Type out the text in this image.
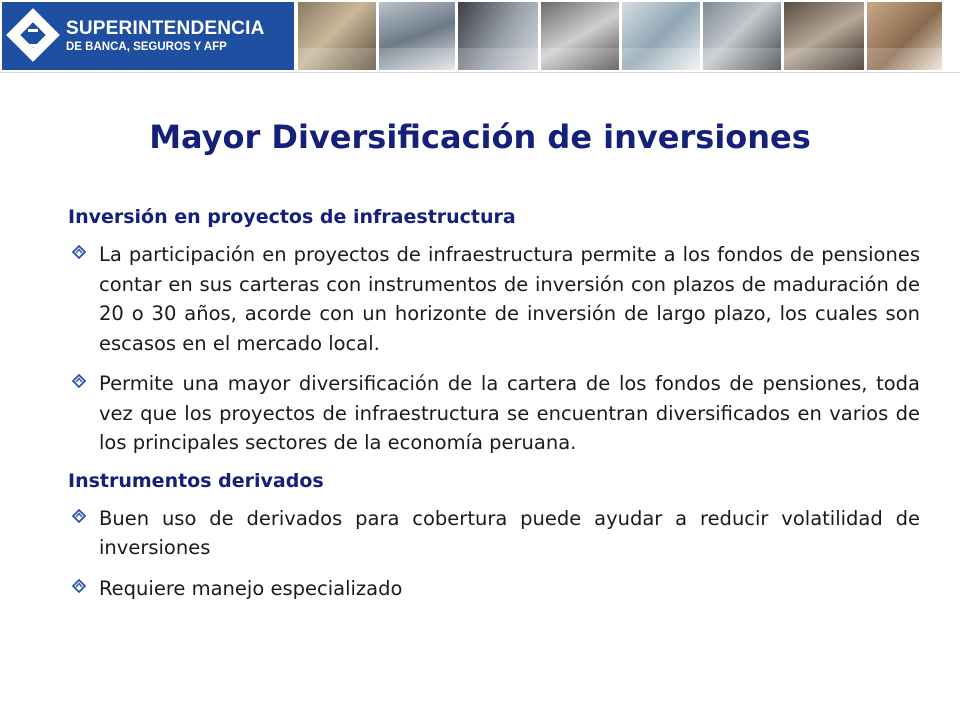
SUPERINTENDENCIA
DE BANCA, SEGUROS Y AFP
Mayor Diversificación de inversiones
Inversión en proyectos de infraestructura
La participación en proyectos de infraestructura permite a los fondos de pensiones contar en sus carteras con instrumentos de inversión con plazos de maduración de 20 o 30 años, acorde con un horizonte de inversión de largo plazo, los cuales son escasos en el mercado local.
Permite una mayor diversificación de la cartera de los fondos de pensiones, toda vez que los proyectos de infraestructura se encuentran diversificados en varios de los principales sectores de la economía peruana.
Instrumentos derivados
Buen uso de derivados para cobertura puede ayudar a reducir volatilidad de inversiones
Requiere manejo especializado
